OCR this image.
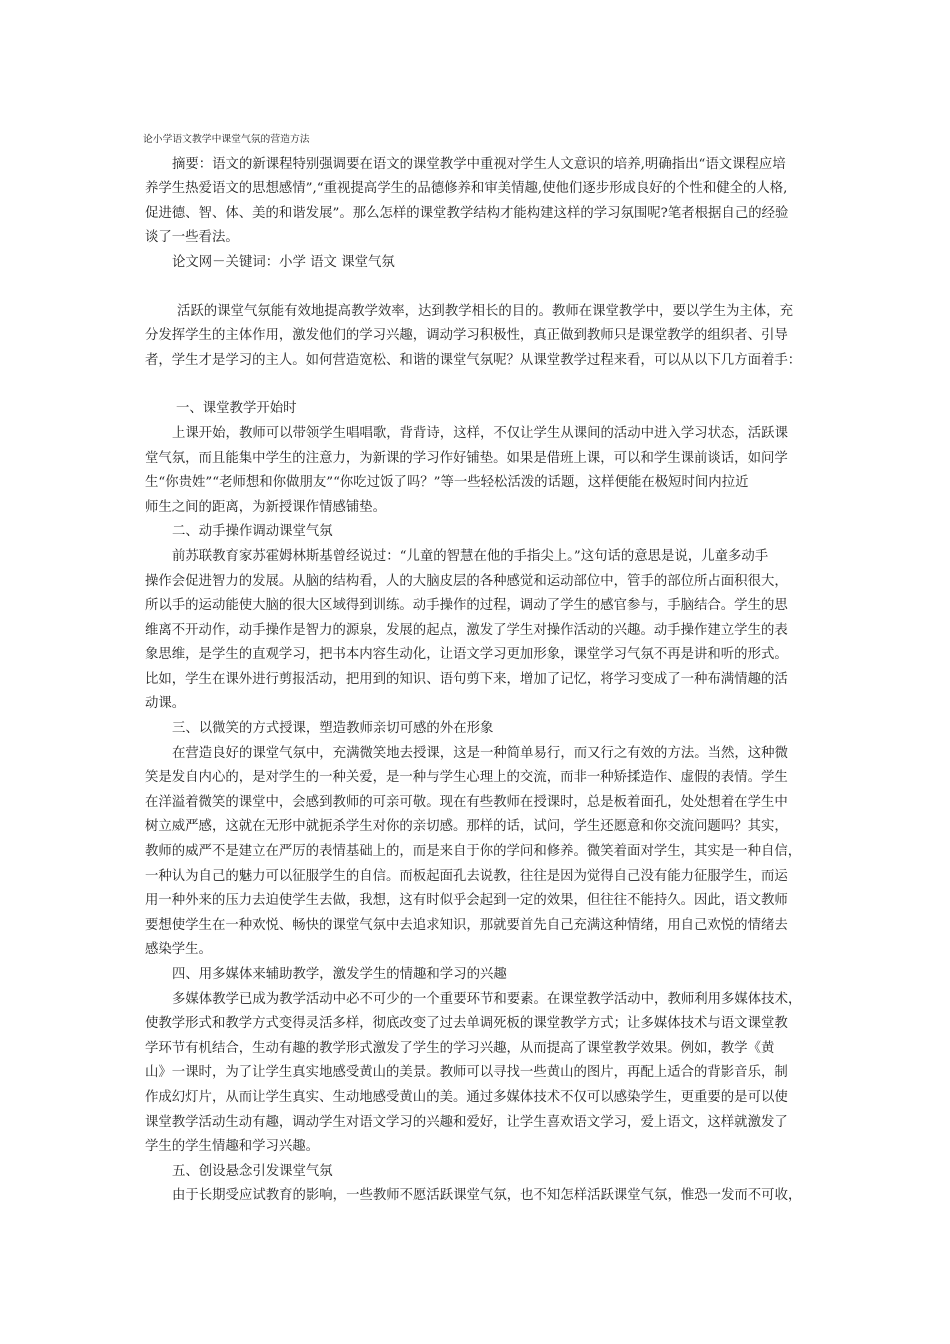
论小学语文教学中课堂气氛的营造方法

摘要：语文的新课程特别强调要在语文的课堂教学中重视对学生人文意识的培养,明确指出“语文课程应培

养学生热爱语文的思想感情”,“重视提高学生的品德修养和审美情趣,使他们逐步形成良好的个性和健全的人格,

促进德、智、体、美的和谐发展”。那么怎样的课堂教学结构才能构建这样的学习氛围呢?笔者根据自己的经验

谈了一些看法。

论文网－关键词：小学 语文 课堂气氛

活跃的课堂气氛能有效地提高教学效率，达到教学相长的目的。教师在课堂教学中，要以学生为主体，充

分发挥学生的主体作用，激发他们的学习兴趣，调动学习积极性，真正做到教师只是课堂教学的组织者、引导

者，学生才是学习的主人。如何营造宽松、和谐的课堂气氛呢？从课堂教学过程来看，可以从以下几方面着手：

一、课堂教学开始时

上课开始，教师可以带领学生唱唱歌，背背诗，这样，不仅让学生从课间的活动中进入学习状态，活跃课

堂气氛，而且能集中学生的注意力，为新课的学习作好铺垫。如果是借班上课，可以和学生课前谈话，如问学

生“你贵姓”“老师想和你做朋友”“你吃过饭了吗？”等一些轻松活泼的话题，这样便能在极短时间内拉近

师生之间的距离，为新授课作情感铺垫。

二、动手操作调动课堂气氛

前苏联教育家苏霍姆林斯基曾经说过：“儿童的智慧在他的手指尖上。”这句话的意思是说，儿童多动手

操作会促进智力的发展。从脑的结构看，人的大脑皮层的各种感觉和运动部位中，管手的部位所占面积很大，

所以手的运动能使大脑的很大区域得到训练。动手操作的过程，调动了学生的感官参与，手脑结合。学生的思

维离不开动作，动手操作是智力的源泉，发展的起点，激发了学生对操作活动的兴趣。动手操作建立学生的表

象思维，是学生的直观学习，把书本内容生动化，让语文学习更加形象，课堂学习气氛不再是讲和听的形式。

比如，学生在课外进行剪报活动，把用到的知识、语句剪下来，增加了记忆，将学习变成了一种布满情趣的活

动课。

三、以微笑的方式授课，塑造教师亲切可感的外在形象

在营造良好的课堂气氛中，充满微笑地去授课，这是一种简单易行，而又行之有效的方法。当然，这种微

笑是发自内心的，是对学生的一种关爱，是一种与学生心理上的交流，而非一种矫揉造作、虚假的表情。学生

在洋溢着微笑的课堂中，会感到教师的可亲可敬。现在有些教师在授课时，总是板着面孔，处处想着在学生中

树立威严感，这就在无形中就扼杀学生对你的亲切感。那样的话，试问，学生还愿意和你交流问题吗？其实，

教师的威严不是建立在严厉的表情基础上的，而是来自于你的学问和修养。微笑着面对学生，其实是一种自信，

一种认为自己的魅力可以征服学生的自信。而板起面孔去说教，往往是因为觉得自己没有能力征服学生，而运

用一种外来的压力去迫使学生去做，我想，这有时似乎会起到一定的效果，但往往不能持久。因此，语文教师

要想使学生在一种欢悦、畅快的课堂气氛中去追求知识，那就要首先自己充满这种情绪，用自己欢悦的情绪去

感染学生。

四、用多媒体来辅助教学，激发学生的情趣和学习的兴趣

多媒体教学已成为教学活动中必不可少的一个重要环节和要素。在课堂教学活动中，教师利用多媒体技术，

使教学形式和教学方式变得灵活多样，彻底改变了过去单调死板的课堂教学方式；让多媒体技术与语文课堂教

学环节有机结合，生动有趣的教学形式激发了学生的学习兴趣，从而提高了课堂教学效果。例如，教学《黄

山》一课时，为了让学生真实地感受黄山的美景。教师可以寻找一些黄山的图片，再配上适合的背影音乐，制

作成幻灯片，从而让学生真实、生动地感受黄山的美。通过多媒体技术不仅可以感染学生，更重要的是可以使

课堂教学活动生动有趣，调动学生对语文学习的兴趣和爱好，让学生喜欢语文学习，爱上语文，这样就激发了

学生的学生情趣和学习兴趣。

五、创设悬念引发课堂气氛

由于长期受应试教育的影响，一些教师不愿活跃课堂气氛，也不知怎样活跃课堂气氛，惟恐一发而不可收，
